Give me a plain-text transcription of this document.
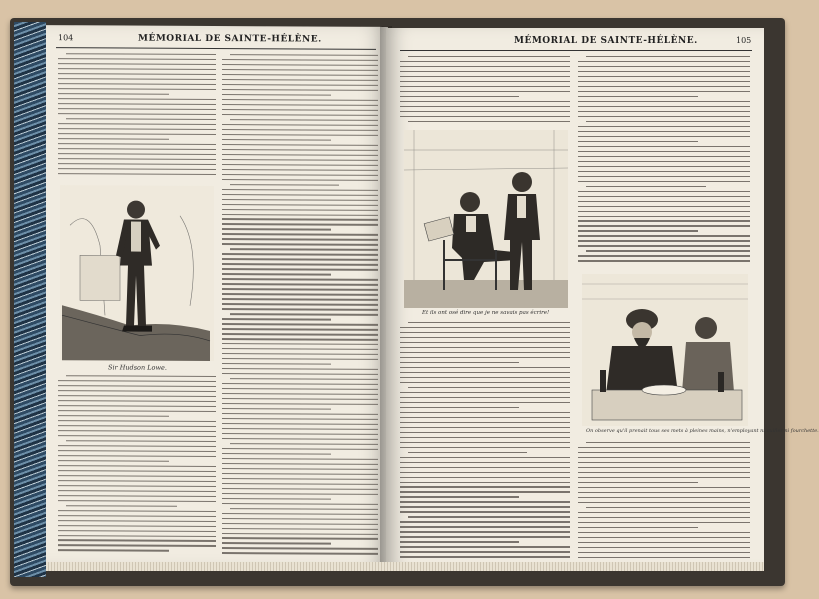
104	MÉMORIAL DE SAINTE-HÉLÈNE.
Sir Hudson Lowe.
MÉMORIAL DE SAINTE-HÉLÈNE.	105
Et ils ont osé dire que je ne savais pas écrire!
On observe qu'il prenait tous ses mets à pleines mains, n'employant ni cuiller ni fourchette.
